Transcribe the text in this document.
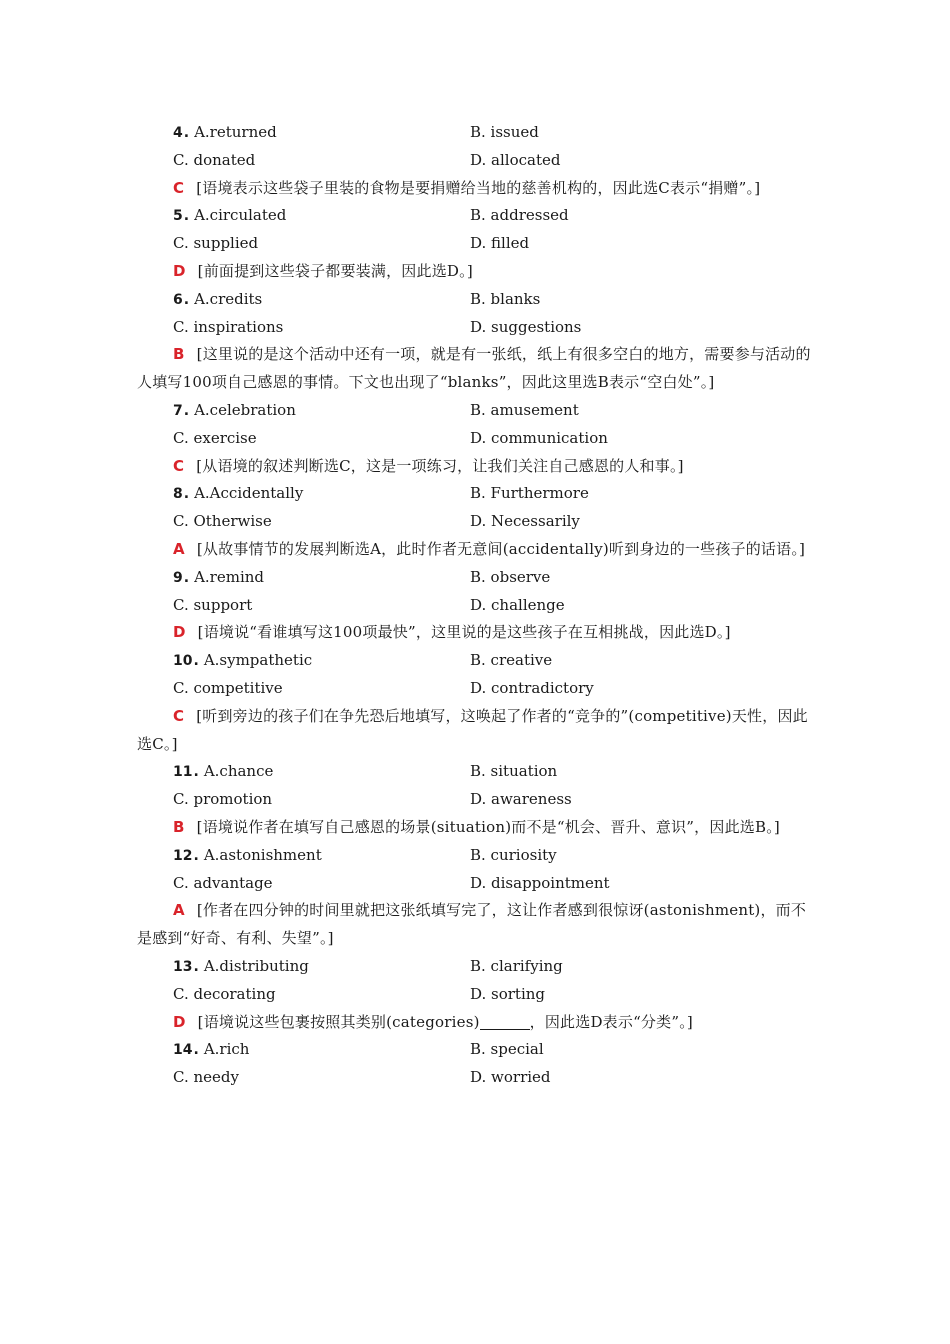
4. A.returned	B. issued
C. donated	D. allocated
C [语境表示这些袋子里装的食物是要捐赠给当地的慈善机构的，因此选C表示“捐赠”。]
5. A.circulated	B. addressed
C. supplied	D. filled
D [前面提到这些袋子都要装满，因此选D。]
6. A.credits	B. blanks
C. inspirations	D. suggestions
B [这里说的是这个活动中还有一项，就是有一张纸，纸上有很多空白的地方，需要参与活动的人填写100项自己感恩的事情。下文也出现了“blanks”，因此这里选B表示“空白处”。]
7. A.celebration	B. amusement
C. exercise	D. communication
C [从语境的叙述判断选C，这是一项练习，让我们关注自己感恩的人和事。]
8. A.Accidentally	B. Furthermore
C. Otherwise	D. Necessarily
A [从故事情节的发展判断选A，此时作者无意间(accidentally)听到身边的一些孩子的话语。]
9. A.remind	B. observe
C. support	D. challenge
D [语境说“看谁填写这100项最快”，这里说的是这些孩子在互相挑战，因此选D。]
10. A.sympathetic	B. creative
C. competitive	D. contradictory
C [听到旁边的孩子们在争先恐后地填写，这唤起了作者的“竞争的”(competitive)天性，因此选C。]
11. A.chance	B. situation
C. promotion	D. awareness
B [语境说作者在填写自己感恩的场景(situation)而不是“机会、晋升、意识”，因此选B。]
12. A.astonishment	B. curiosity
C. advantage	D. disappointment
A [作者在四分钟的时间里就把这张纸填写完了，这让作者感到很惊讶(astonishment)，而不是感到“好奇、有利、失望”。]
13. A.distributing	B. clarifying
C. decorating	D. sorting
D [语境说这些包裹按照其类别(categories)	，因此选D表示“分类”。]
14. A.rich	B. special
C. needy	D. worried
